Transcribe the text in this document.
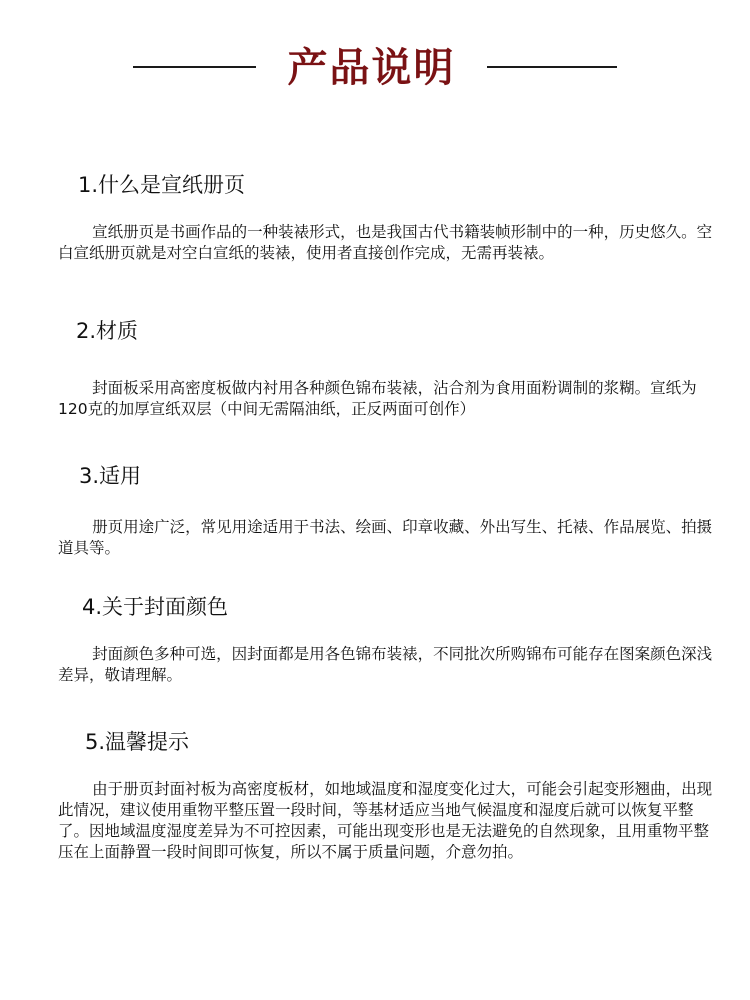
产品说明
1.什么是宣纸册页

宣纸册页是书画作品的一种装裱形式，也是我国古代书籍装帧形制中的一种，历史悠久。空白宣纸册页就是对空白宣纸的装裱，使用者直接创作完成，无需再装裱。

2.材质

封面板采用高密度板做内衬用各种颜色锦布装裱，沾合剂为食用面粉调制的浆糊。宣纸为120克的加厚宣纸双层（中间无需隔油纸，正反两面可创作）

3.适用

册页用途广泛，常见用途适用于书法、绘画、印章收藏、外出写生、托裱、作品展览、拍摄道具等。

4.关于封面颜色

封面颜色多种可选，因封面都是用各色锦布装裱，不同批次所购锦布可能存在图案颜色深浅差异，敬请理解。

5.温馨提示

由于册页封面衬板为高密度板材，如地域温度和湿度变化过大，可能会引起变形翘曲，出现此情况，建议使用重物平整压置一段时间，等基材适应当地气候温度和湿度后就可以恢复平整了。因地域温度湿度差异为不可控因素，可能出现变形也是无法避免的自然现象，且用重物平整压在上面静置一段时间即可恢复，所以不属于质量问题，介意勿拍。
